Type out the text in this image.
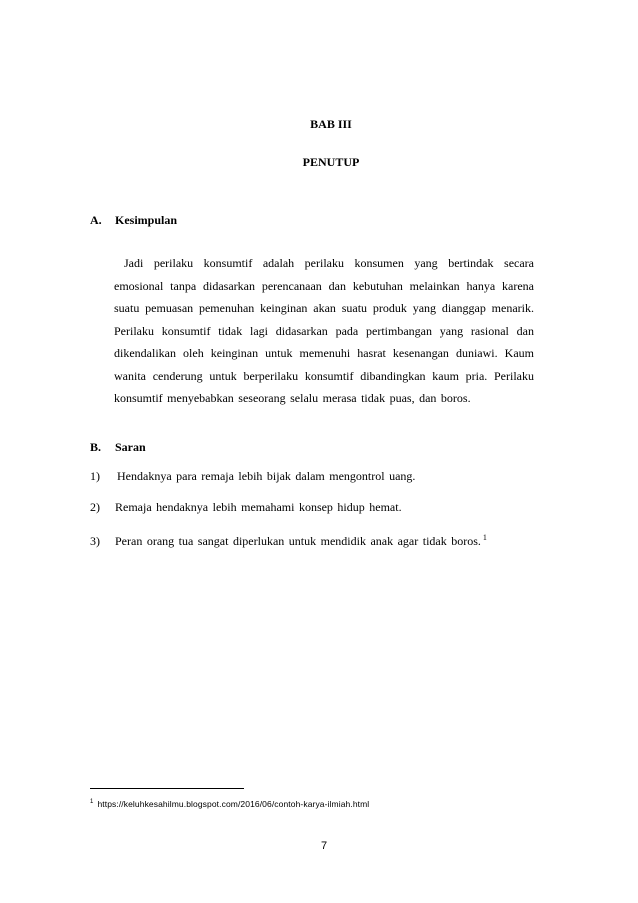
BAB III
PENUTUP
A. Kesimpulan

Jadi perilaku konsumtif adalah perilaku konsumen yang bertindak secara emosional tanpa didasarkan perencanaan dan kebutuhan melainkan hanya karena suatu pemuasan pemenuhan keinginan akan suatu produk yang dianggap menarik. Perilaku konsumtif tidak lagi didasarkan pada pertimbangan yang rasional dan dikendalikan oleh keinginan untuk memenuhi hasrat kesenangan duniawi. Kaum wanita cenderung untuk berperilaku konsumtif dibandingkan kaum pria. Perilaku konsumtif menyebabkan seseorang selalu merasa tidak puas, dan boros.

B. Saran
1) Hendaknya para remaja lebih bijak dalam mengontrol uang.
2) Remaja hendaknya lebih memahami konsep hidup hemat.
3) Peran orang tua sangat diperlukan untuk mendidik anak agar tidak boros. $^1$
$^1$ https://keluhkesahilmu.blogspot.com/2016/06/contoh-karya-ilmiah.html
7
